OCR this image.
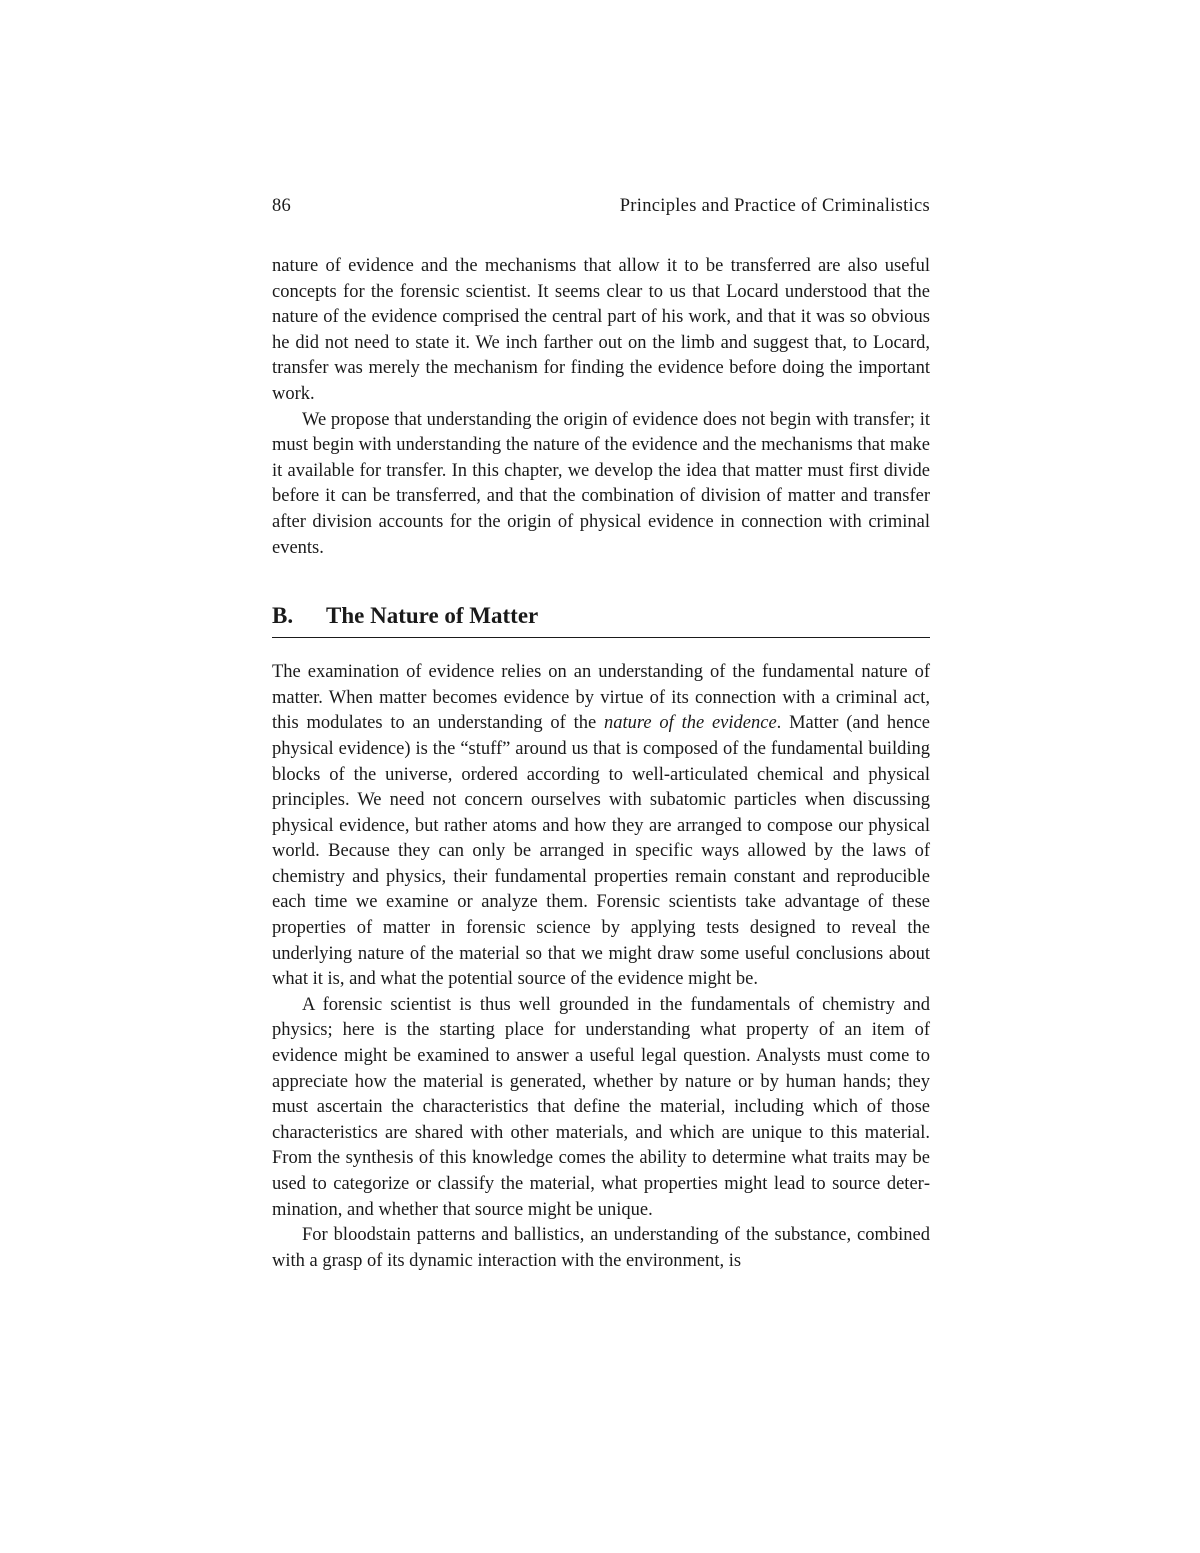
86	Principles and Practice of Criminalistics

nature of evidence and the mechanisms that allow it to be transferred are also useful concepts for the forensic scientist. It seems clear to us that Locard understood that the nature of the evidence comprised the central part of his work, and that it was so obvious he did not need to state it. We inch farther out on the limb and suggest that, to Locard, transfer was merely the mechanism for finding the evidence before doing the important work.

We propose that understanding the origin of evidence does not begin with transfer; it must begin with understanding the nature of the evidence and the mechanisms that make it available for transfer. In this chapter, we develop the idea that matter must first divide before it can be transferred, and that the combination of division of matter and transfer after division accounts for the origin of physical evidence in connection with criminal events.

B.	The Nature of Matter

The examination of evidence relies on an understanding of the fundamental nature of matter. When matter becomes evidence by virtue of its connection with a criminal act, this modulates to an understanding of the nature of the evidence. Matter (and hence physical evidence) is the “stuff” around us that is composed of the fundamental building blocks of the universe, ordered according to well-articulated chemical and physical principles. We need not concern ourselves with subatomic particles when discussing physical evidence, but rather atoms and how they are arranged to compose our physical world. Because they can only be arranged in specific ways allowed by the laws of chemistry and physics, their fundamental properties remain constant and reproducible each time we examine or analyze them. Forensic scientists take advantage of these properties of matter in forensic science by applying tests designed to reveal the underlying nature of the material so that we might draw some useful conclusions about what it is, and what the potential source of the evidence might be.

A forensic scientist is thus well grounded in the fundamentals of chemistry and physics; here is the starting place for understanding what property of an item of evidence might be examined to answer a useful legal question. Analysts must come to appreciate how the material is generated, whether by nature or by human hands; they must ascertain the characteristics that define the material, including which of those characteristics are shared with other materials, and which are unique to this material. From the synthesis of this knowledge comes the ability to determine what traits may be used to categorize or classify the material, what properties might lead to source determination, and whether that source might be unique.

For bloodstain patterns and ballistics, an understanding of the substance, combined with a grasp of its dynamic interaction with the environment, is
